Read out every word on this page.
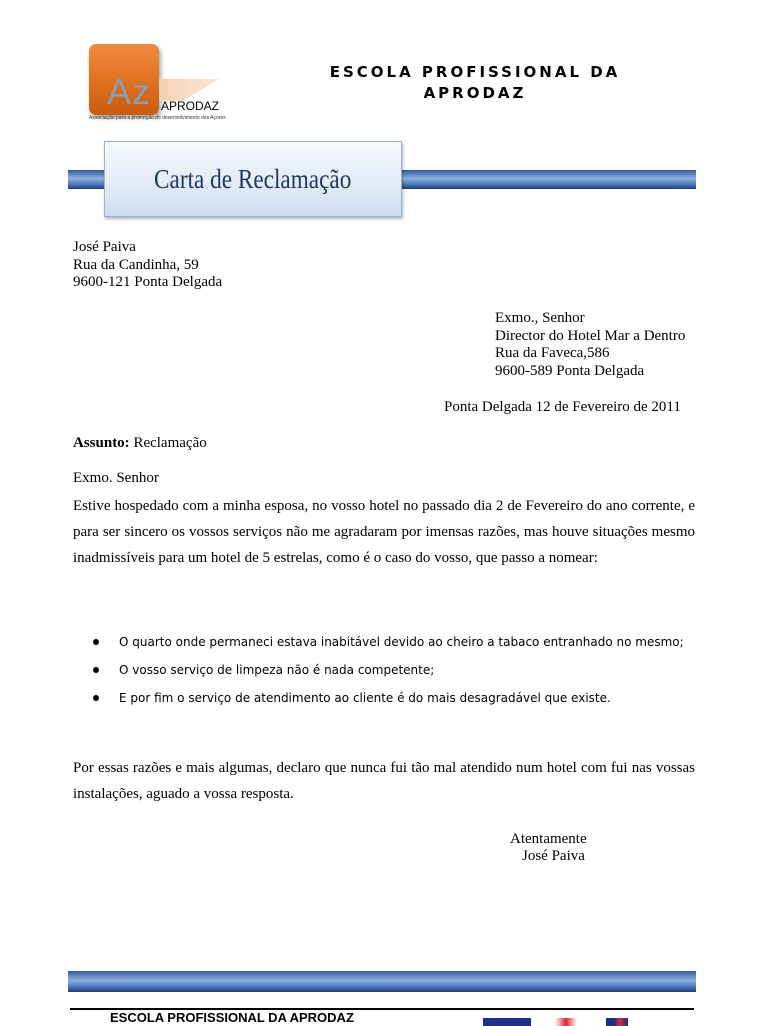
Az APRODAZ
Associação para a promoção do desenvolvimento dos Açores
ESCOLA PROFISSIONAL DA
APRODAZ
Carta de Reclamação
José Paiva
Rua da Candinha, 59
9600-121 Ponta Delgada
Exmo., Senhor
Director do Hotel Mar a Dentro
Rua da Faveca,586
9600-589 Ponta Delgada
Ponta Delgada 12 de Fevereiro de 2011
Assunto: Reclamação
Exmo. Senhor
Estive hospedado com a minha esposa, no vosso hotel no passado dia 2 de Fevereiro do ano corrente, e para ser sincero os vossos serviços não me agradaram por imensas razões, mas houve situações mesmo inadmissíveis para um hotel de 5 estrelas, como é o caso do vosso, que passo a nomear:
O quarto onde permaneci estava inabitável devido ao cheiro a tabaco entranhado no mesmo;
O vosso serviço de limpeza não é nada competente;
E por fim o serviço de atendimento ao cliente é do mais desagradável que existe.
Por essas razões e mais algumas, declaro que nunca fui tão mal atendido num hotel com fui nas vossas instalações, aguado a vossa resposta.
Atentamente
José Paiva
ESCOLA PROFISSIONAL DA APRODAZ
